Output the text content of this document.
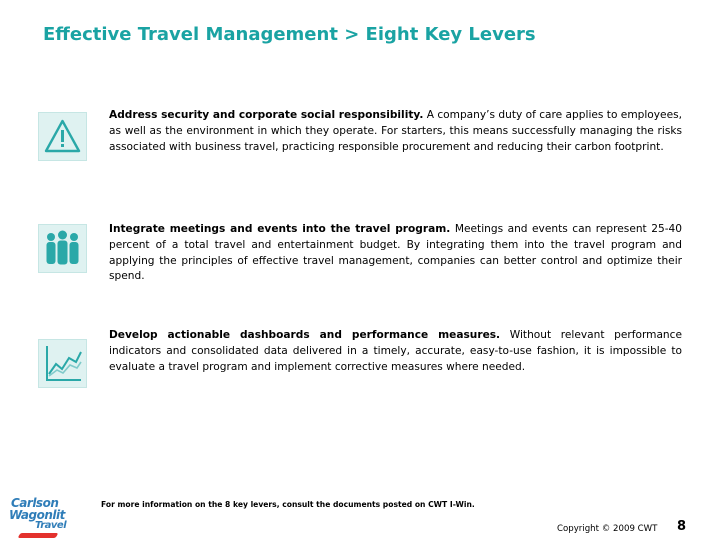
Effective Travel Management > Eight Key Levers
Address security and corporate social responsibility. A company’s duty of care applies to employees, as well as the environment in which they operate. For starters, this means successfully managing the risks associated with business travel, practicing responsible procurement and reducing their carbon footprint.
Integrate meetings and events into the travel program. Meetings and events can represent 25-40 percent of a total travel and entertainment budget. By integrating them into the travel program and applying the principles of effective travel management, companies can better control and optimize their spend.
Develop actionable dashboards and performance measures. Without relevant performance indicators and consolidated data delivered in a timely, accurate, easy-to-use fashion, it is impossible to evaluate a travel program and implement corrective measures where needed.
For more information on the 8 key levers, consult the documents posted on CWT I-Win.
Carlson
Wagonlit
Travel	Copyright © 2009 CWT 8
